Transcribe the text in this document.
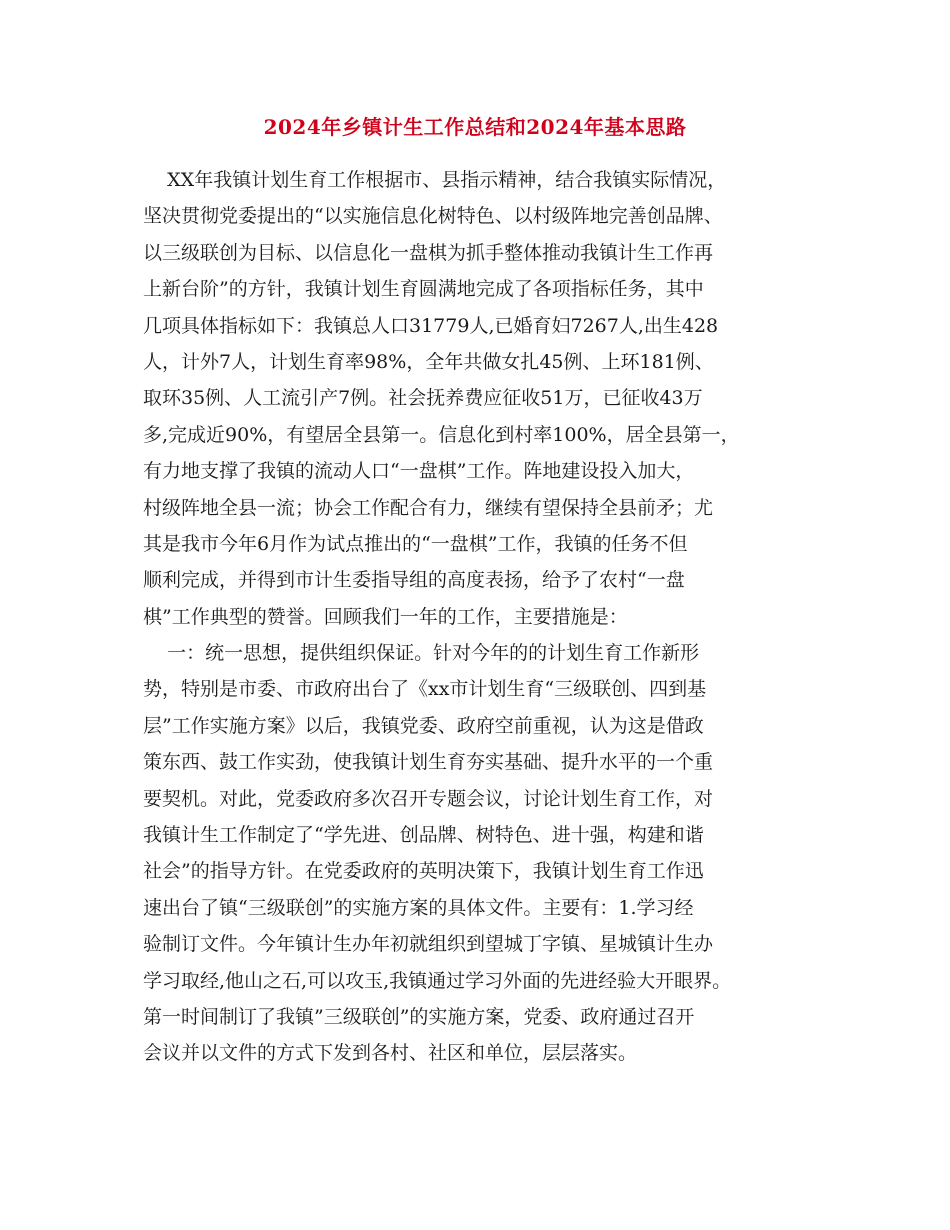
2024年乡镇计生工作总结和2024年基本思路
XX年我镇计划生育工作根据市、县指示精神，结合我镇实际情况，
坚决贯彻党委提出的“以实施信息化树特色、以村级阵地完善创品牌、
以三级联创为目标、以信息化一盘棋为抓手整体推动我镇计生工作再
上新台阶”的方针，我镇计划生育圆满地完成了各项指标任务，其中
几项具体指标如下：我镇总人口31779人,已婚育妇7267人,出生428
人，计外7人，计划生育率98%，全年共做女扎45例、上环181例、
取环35例、人工流引产7例。社会抚养费应征收51万，已征收43万
多,完成近90%，有望居全县第一。信息化到村率100%，居全县第一，
有力地支撑了我镇的流动人口“一盘棋”工作。阵地建设投入加大，
村级阵地全县一流；协会工作配合有力，继续有望保持全县前矛；尤
其是我市今年6月作为试点推出的“一盘棋”工作，我镇的任务不但
顺利完成，并得到市计生委指导组的高度表扬，给予了农村“一盘
棋”工作典型的赞誉。回顾我们一年的工作，主要措施是：
一：统一思想，提供组织保证。针对今年的的计划生育工作新形
势，特别是市委、市政府出台了《xx市计划生育“三级联创、四到基
层”工作实施方案》以后，我镇党委、政府空前重视，认为这是借政
策东西、鼓工作实劲，使我镇计划生育夯实基础、提升水平的一个重
要契机。对此，党委政府多次召开专题会议，讨论计划生育工作，对
我镇计生工作制定了“学先进、创品牌、树特色、进十强，构建和谐
社会”的指导方针。在党委政府的英明决策下，我镇计划生育工作迅
速出台了镇“三级联创”的实施方案的具体文件。主要有：1.学习经
验制订文件。今年镇计生办年初就组织到望城丁字镇、星城镇计生办
学习取经,他山之石,可以攻玉,我镇通过学习外面的先进经验大开眼界。
第一时间制订了我镇”三级联创”的实施方案，党委、政府通过召开
会议并以文件的方式下发到各村、社区和单位，层层落实。
